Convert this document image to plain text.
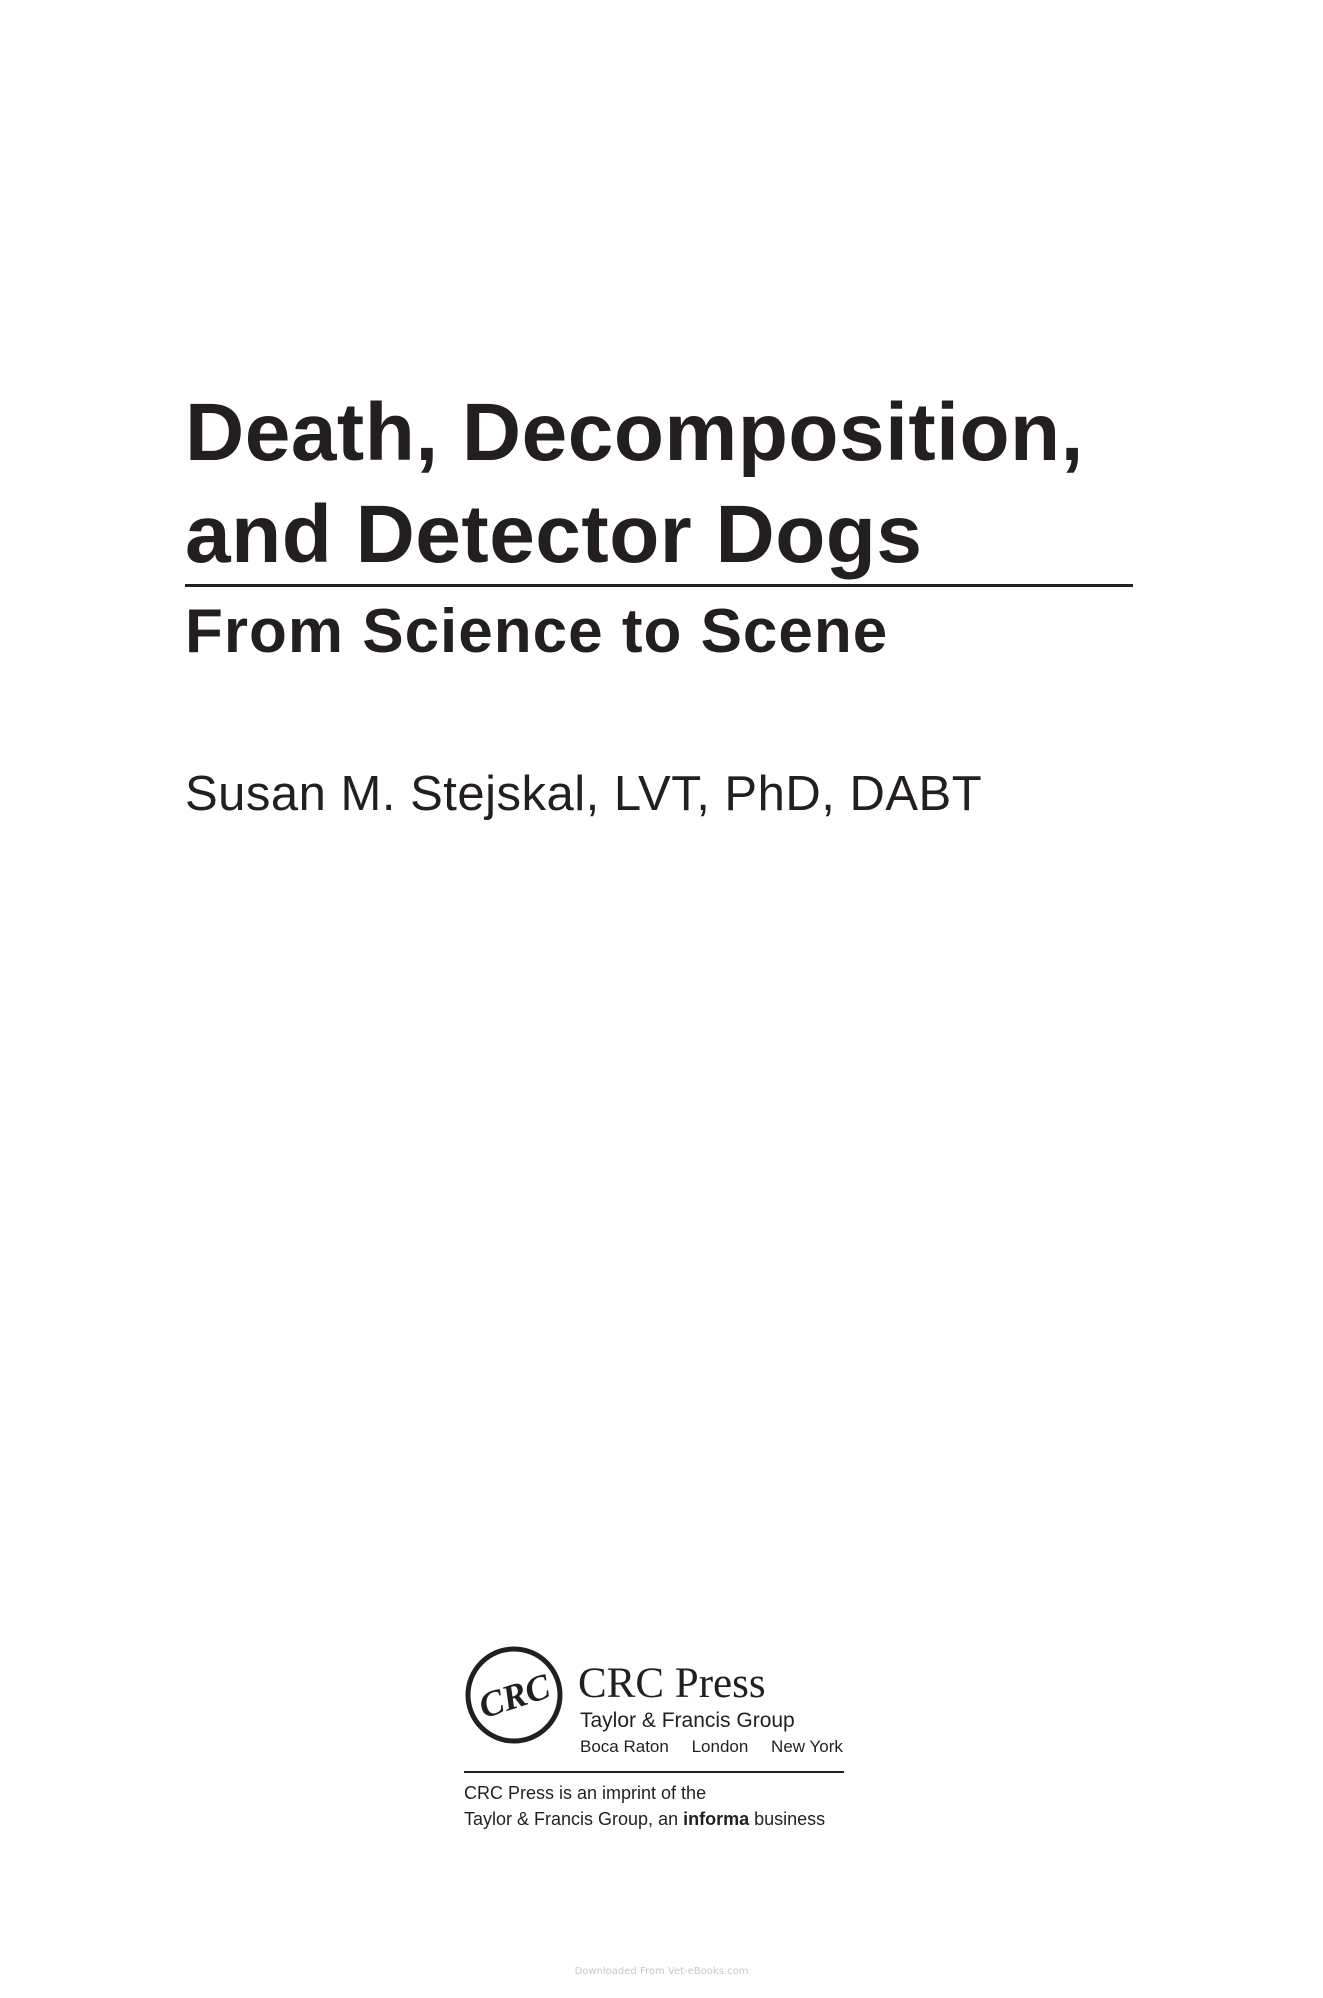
Death, Decomposition,
and Detector Dogs
From Science to Scene

Susan M. Stejskal, LVT, PhD, DABT

CRC CRC Press
Taylor & Francis Group
Boca Raton London New York
CRC Press is an imprint of the
Taylor & Francis Group, an informa business
Downloaded From Vet-eBooks.com
